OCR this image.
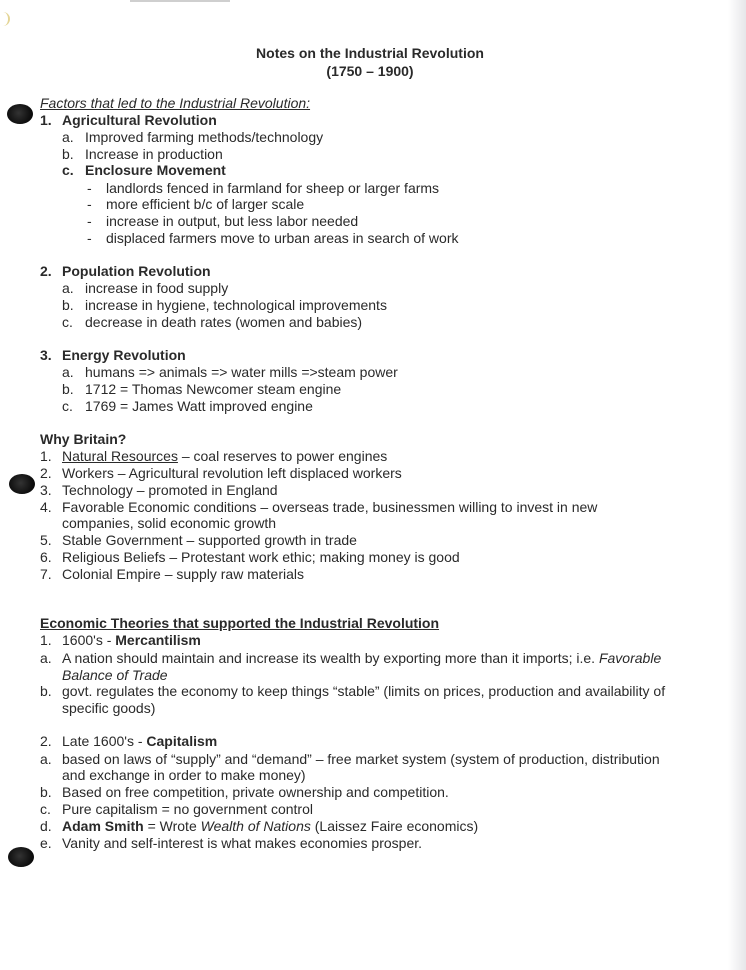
Notes on the Industrial Revolution
(1750 – 1900)
Factors that led to the Industrial Revolution:
1. Agricultural Revolution
a. Improved farming methods/technology
b. Increase in production
c. Enclosure Movement
- landlords fenced in farmland for sheep or larger farms
- more efficient b/c of larger scale
- increase in output, but less labor needed
- displaced farmers move to urban areas in search of work
2. Population Revolution
a. increase in food supply
b. increase in hygiene, technological improvements
c. decrease in death rates (women and babies)
3. Energy Revolution
a. humans => animals => water mills =>steam power
b. 1712 = Thomas Newcomer steam engine
c. 1769 = James Watt improved engine
Why Britain?
1. Natural Resources – coal reserves to power engines
2. Workers – Agricultural revolution left displaced workers
3. Technology – promoted in England
4. Favorable Economic conditions – overseas trade, businessmen willing to invest in new
companies, solid economic growth
5. Stable Government – supported growth in trade
6. Religious Beliefs – Protestant work ethic; making money is good
7. Colonial Empire – supply raw materials
Economic Theories that supported the Industrial Revolution
1. 1600's - Mercantilism
a. A nation should maintain and increase its wealth by exporting more than it imports; i.e. Favorable
Balance of Trade
b. govt. regulates the economy to keep things “stable” (limits on prices, production and availability of
specific goods)
2. Late 1600's - Capitalism
a. based on laws of “supply” and “demand” – free market system (system of production, distribution
and exchange in order to make money)
b. Based on free competition, private ownership and competition.
c. Pure capitalism = no government control
d. Adam Smith = Wrote Wealth of Nations (Laissez Faire economics)
e. Vanity and self-interest is what makes economies prosper.
